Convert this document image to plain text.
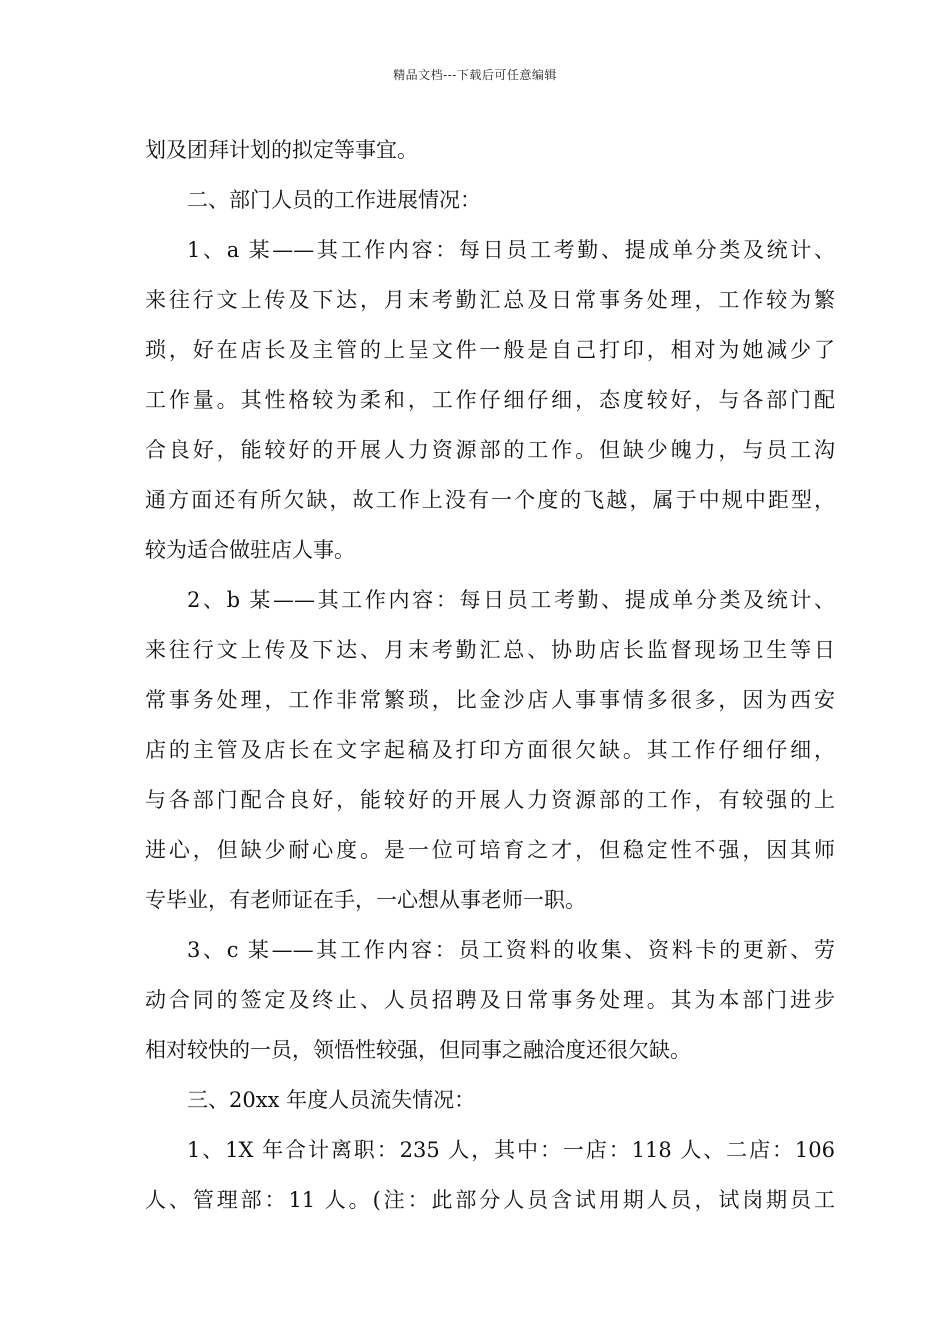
精品文档---下载后可任意编辑
划及团拜计划的拟定等事宜。
二、部门人员的工作进展情况：
1、a 某——其工作内容：每日员工考勤、提成单分类及统计、
来往行文上传及下达，月末考勤汇总及日常事务处理，工作较为繁
琐，好在店长及主管的上呈文件一般是自己打印，相对为她减少了
工作量。其性格较为柔和，工作仔细仔细，态度较好，与各部门配
合良好，能较好的开展人力资源部的工作。但缺少魄力，与员工沟
通方面还有所欠缺，故工作上没有一个度的飞越，属于中规中距型，
较为适合做驻店人事。
2、b 某——其工作内容：每日员工考勤、提成单分类及统计、
来往行文上传及下达、月末考勤汇总、协助店长监督现场卫生等日
常事务处理，工作非常繁琐，比金沙店人事事情多很多，因为西安
店的主管及店长在文字起稿及打印方面很欠缺。其工作仔细仔细，
与各部门配合良好，能较好的开展人力资源部的工作，有较强的上
进心，但缺少耐心度。是一位可培育之才，但稳定性不强，因其师
专毕业，有老师证在手，一心想从事老师一职。
3、c 某——其工作内容：员工资料的收集、资料卡的更新、劳
动合同的签定及终止、人员招聘及日常事务处理。其为本部门进步
相对较快的一员，领悟性较强，但同事之融洽度还很欠缺。
三、20xx 年度人员流失情况：
1、1X 年合计离职：235 人，其中：一店：118 人、二店：106
人、管理部：11 人。(注：此部分人员含试用期人员，试岗期员工
